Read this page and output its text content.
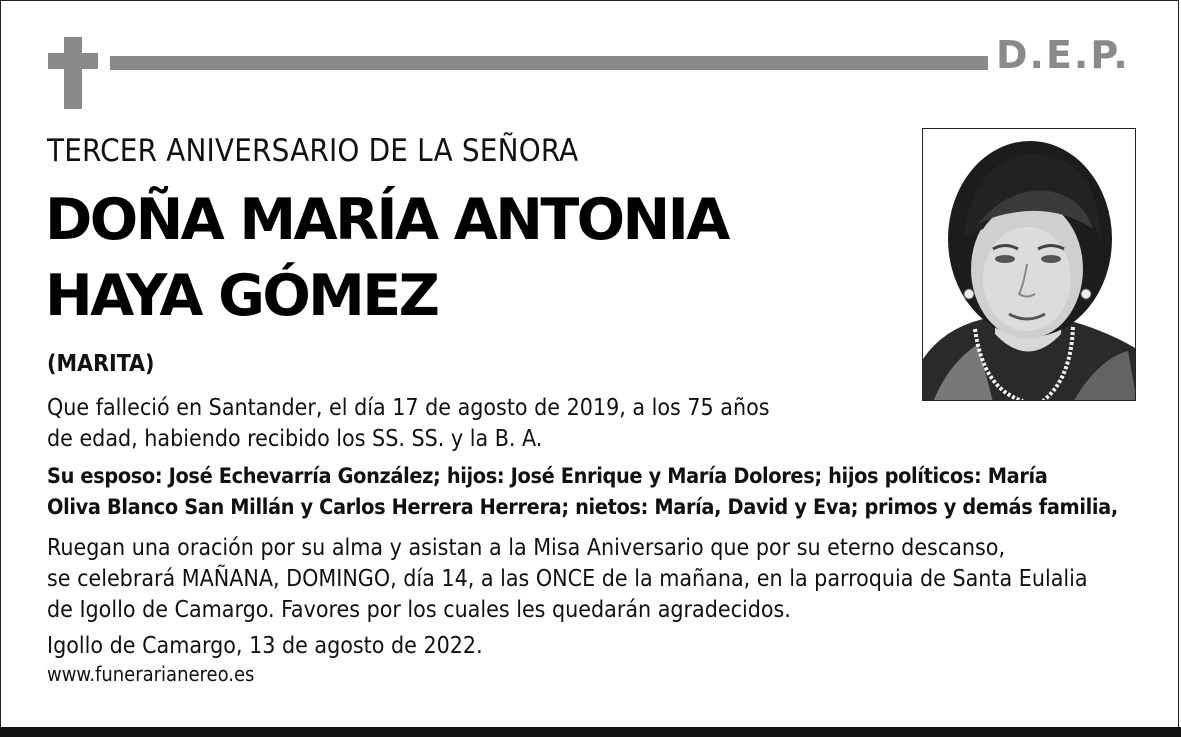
D.E.P.
TERCER ANIVERSARIO DE LA SEÑORA
DOÑA MARÍA ANTONIA
HAYA GÓMEZ
(MARITA)
Que falleció en Santander, el día 17 de agosto de 2019, a los 75 años
de edad, habiendo recibido los SS. SS. y la B. A.
Su esposo: José Echevarría González; hijos: José Enrique y María Dolores; hijos políticos: María
Oliva Blanco San Millán y Carlos Herrera Herrera; nietos: María, David y Eva; primos y demás familia,
Ruegan una oración por su alma y asistan a la Misa Aniversario que por su eterno descanso,
se celebrará MAÑANA, DOMINGO, día 14, a las ONCE de la mañana, en la parroquia de Santa Eulalia
de Igollo de Camargo. Favores por los cuales les quedarán agradecidos.
Igollo de Camargo, 13 de agosto de 2022.
www.funerarianereo.es
